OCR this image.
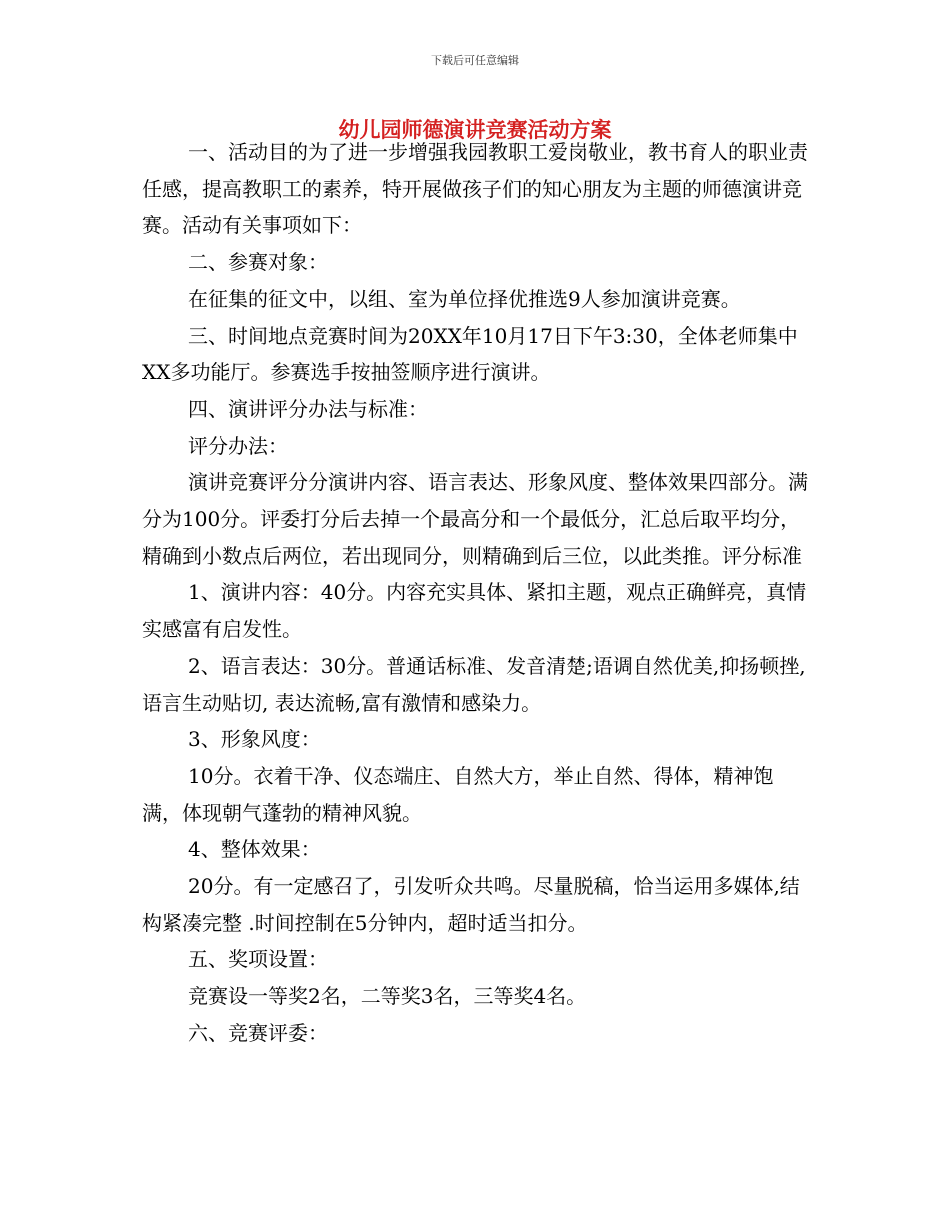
下载后可任意编辑
幼儿园师德演讲竞赛活动方案

一、活动目的为了进一步增强我园教职工爱岗敬业，教书育人的职业责任感，提高教职工的素养，特开展做孩子们的知心朋友为主题的师德演讲竞赛。活动有关事项如下：

二、参赛对象：

在征集的征文中，以组、室为单位择优推选9人参加演讲竞赛。

三、时间地点竞赛时间为20XX年10月17日下午3:30，全体老师集中XX多功能厅。参赛选手按抽签顺序进行演讲。

四、演讲评分办法与标准：

评分办法：

演讲竞赛评分分演讲内容、语言表达、形象风度、整体效果四部分。满分为100分。评委打分后去掉一个最高分和一个最低分，汇总后取平均分，精确到小数点后两位，若出现同分，则精确到后三位，以此类推。评分标准

1、演讲内容：40分。内容充实具体、紧扣主题，观点正确鲜亮，真情实感富有启发性。

2、语言表达：30分。普通话标准、发音清楚;语调自然优美,抑扬顿挫,语言生动贴切, 表达流畅,富有激情和感染力。

3、形象风度：

10分。衣着干净、仪态端庄、自然大方，举止自然、得体，精神饱满，体现朝气蓬勃的精神风貌。

4、整体效果：

20分。有一定感召了，引发听众共鸣。尽量脱稿，恰当运用多媒体,结构紧凑完整 .时间控制在5分钟内，超时适当扣分。

五、奖项设置：

竞赛设一等奖2名，二等奖3名，三等奖4名。

六、竞赛评委：
